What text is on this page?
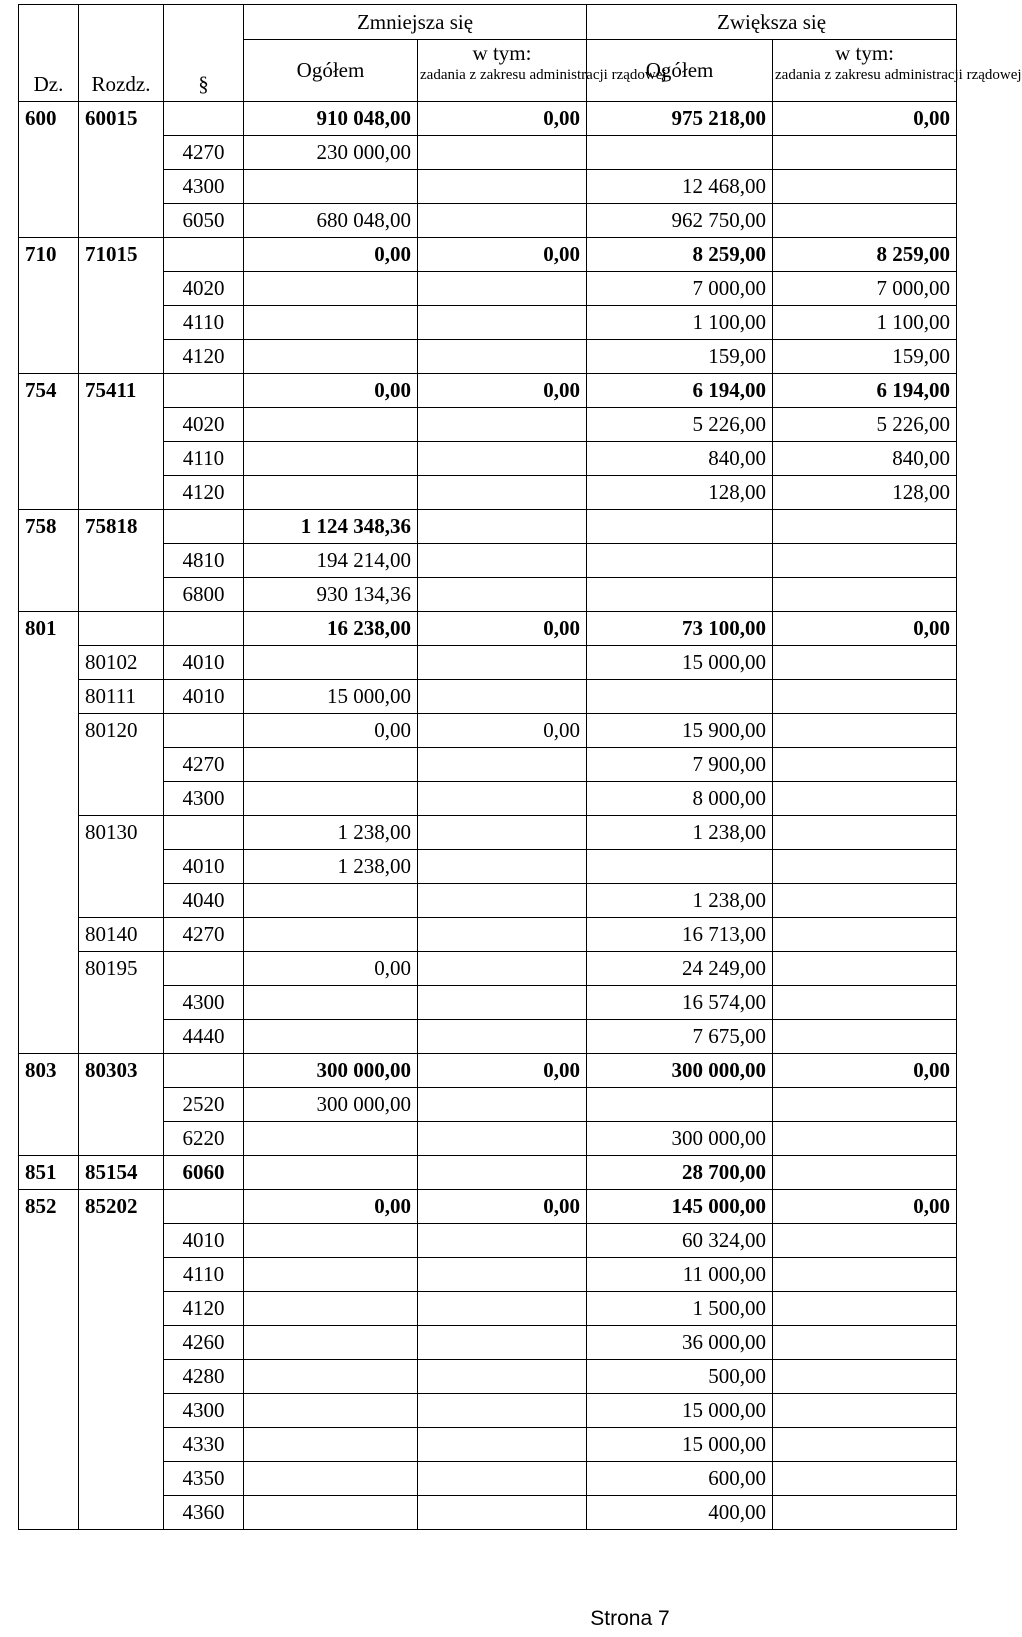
			Zmniejsza się		Zwiększa się	
			Ogółem	w tym:	Ogółem	w tym:
Dz.	Rozdz.	§		zadania z zakresu administracji rządowej		zadania z zakresu administracji rządowej
600	60015		910 048,00	0,00	975 218,00	0,00
		4270	230 000,00			
		4300			12 468,00	
		6050	680 048,00		962 750,00	
710	71015		0,00	0,00	8 259,00	8 259,00
		4020			7 000,00	7 000,00
		4110			1 100,00	1 100,00
		4120			159,00	159,00
754	75411		0,00	0,00	6 194,00	6 194,00
		4020			5 226,00	5 226,00
		4110			840,00	840,00
		4120			128,00	128,00
758	75818		1 124 348,36			
		4810	194 214,00			
		6800	930 134,36			
801			16 238,00	0,00	73 100,00	0,00
	80102	4010			15 000,00	
	80111	4010	15 000,00			
	80120		0,00	0,00	15 900,00	
		4270			7 900,00	
		4300			8 000,00	
	80130		1 238,00		1 238,00	
		4010	1 238,00			
		4040			1 238,00	
	80140	4270			16 713,00	
	80195		0,00		24 249,00	
		4300			16 574,00	
		4440			7 675,00	
803	80303		300 000,00	0,00	300 000,00	0,00
		2520	300 000,00			
		6220			300 000,00	
851	85154	6060			28 700,00	
852	85202		0,00	0,00	145 000,00	0,00
		4010			60 324,00	
		4110			11 000,00	
		4120			1 500,00	
		4260			36 000,00	
		4280			500,00	
		4300			15 000,00	
		4330			15 000,00	
		4350			600,00	
		4360			400,00	
Strona 7
